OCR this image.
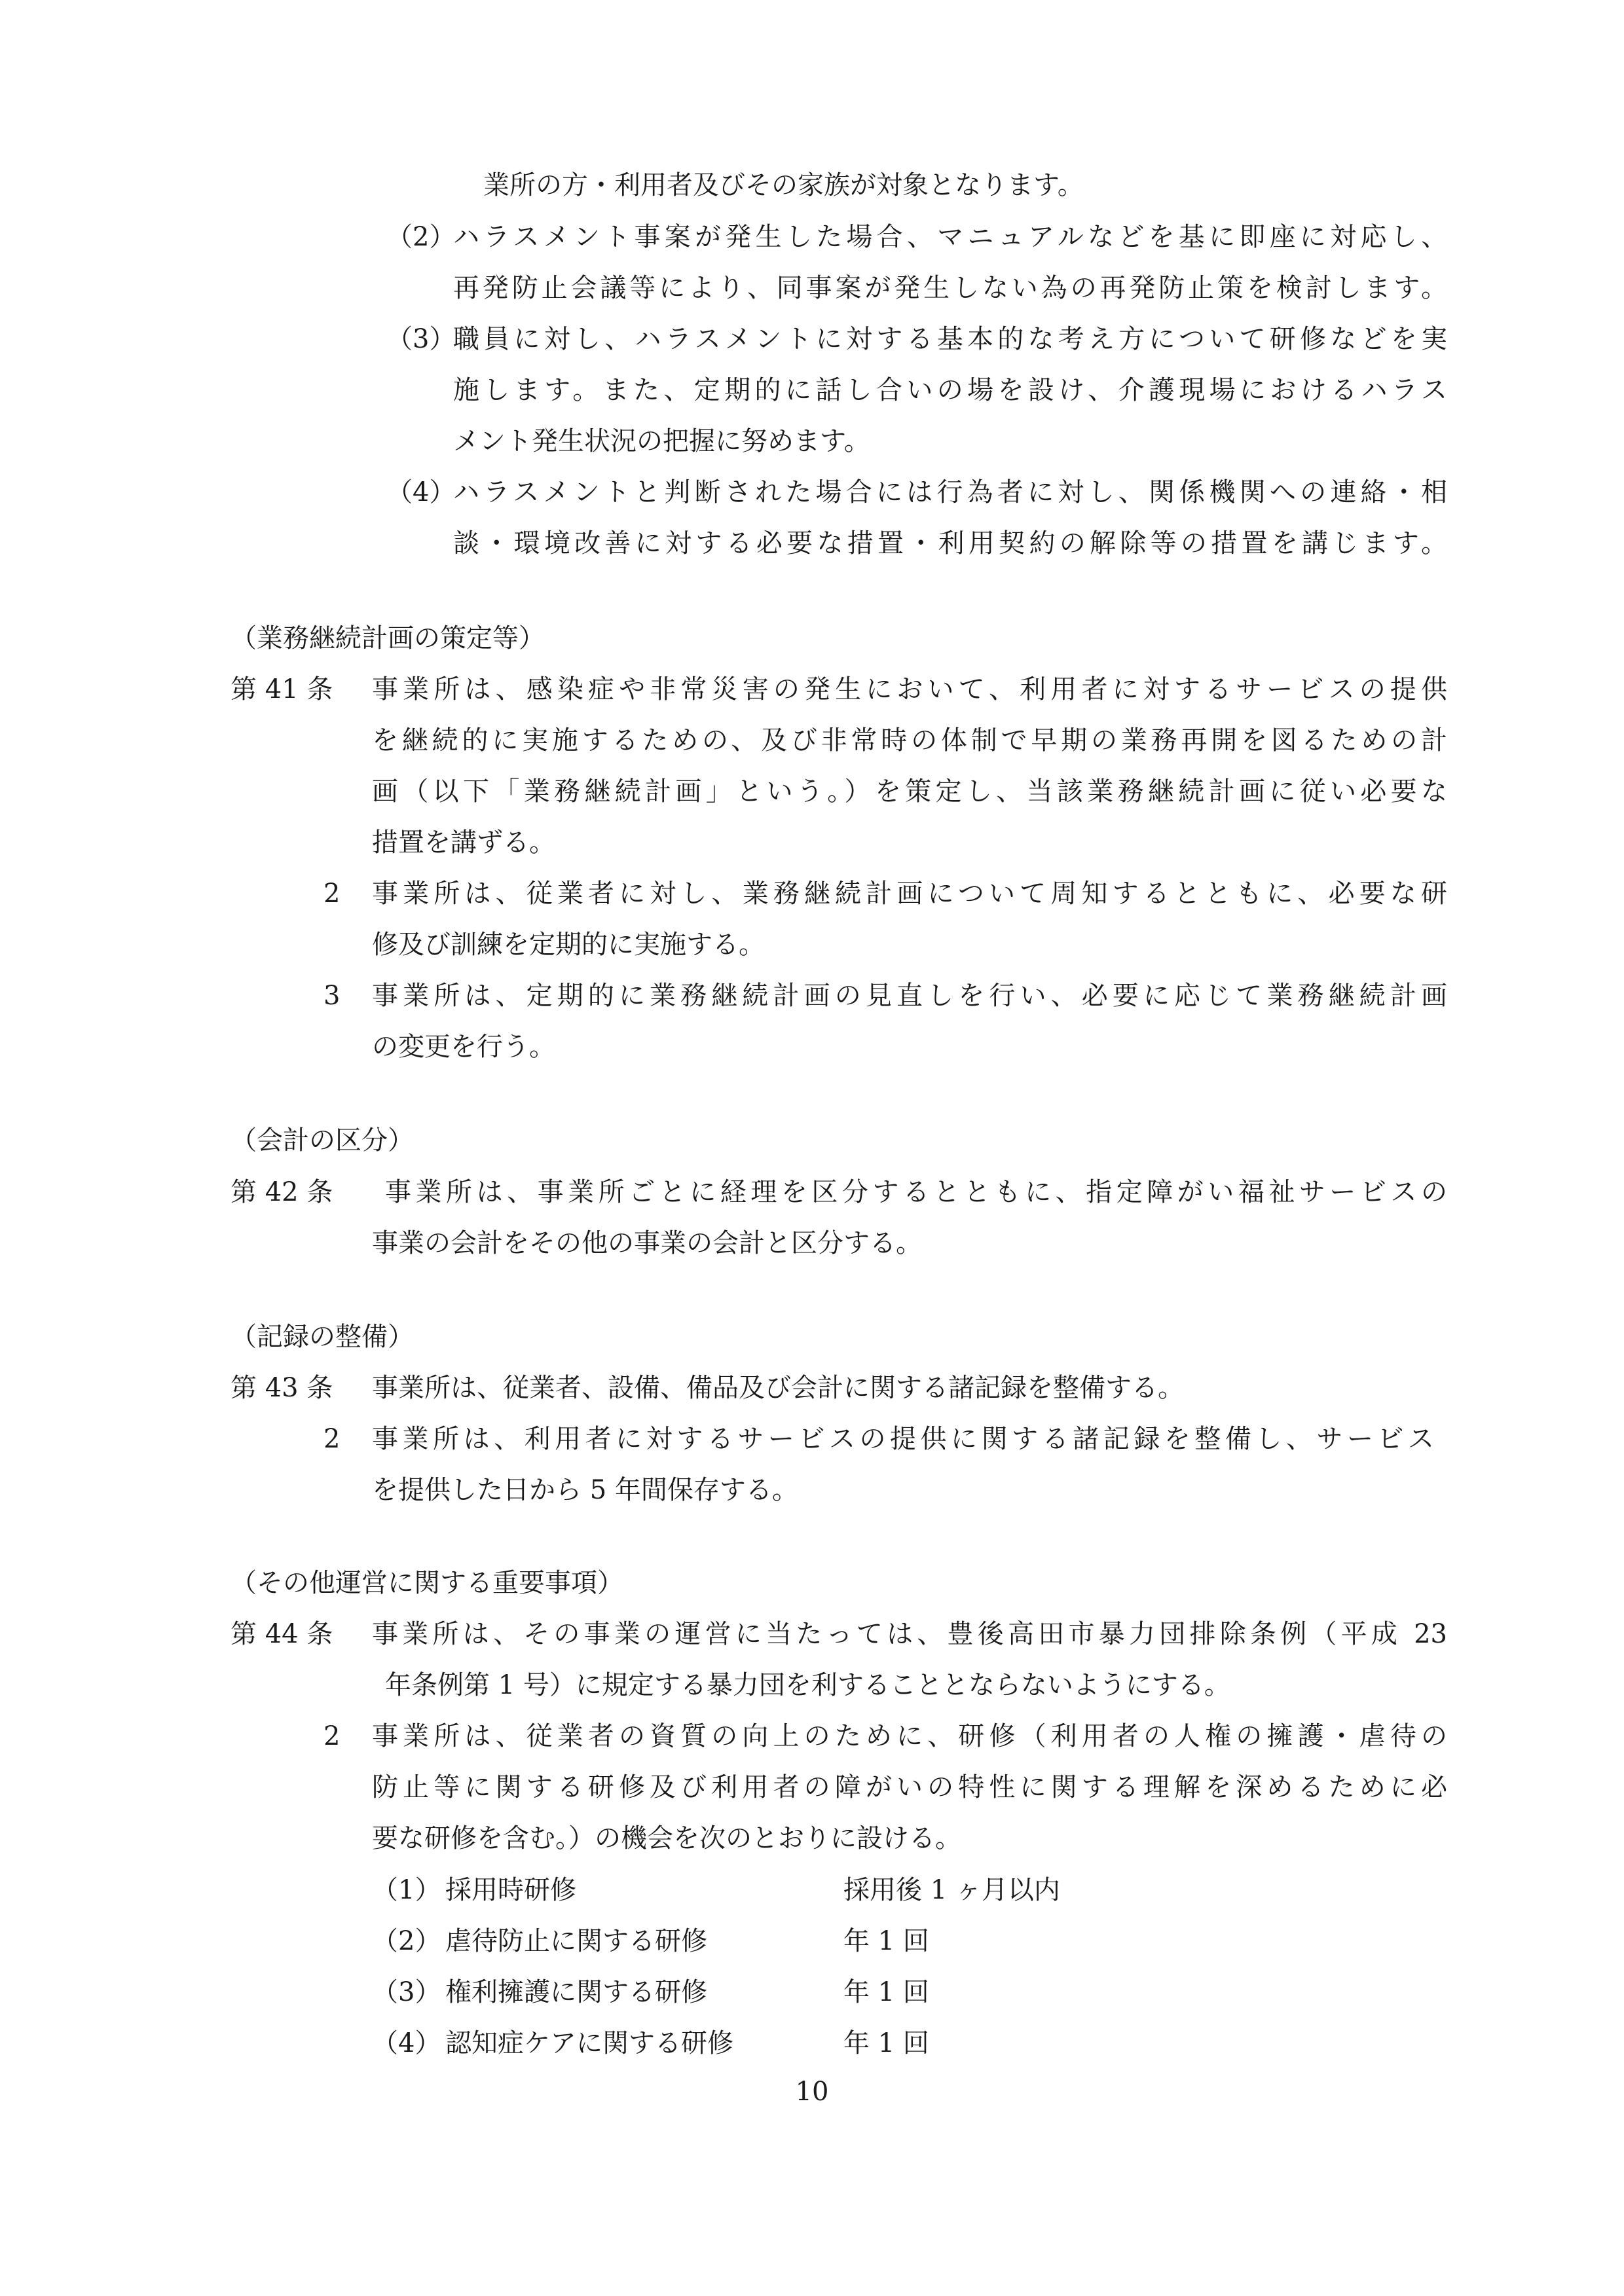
業所の方・利用者及びその家族が対象となります。
（2）
ハラスメント事案が発生した場合、マニュアルなどを基に即座に対応し、
再発防止会議等により、同事案が発生しない為の再発防止策を検討します。
（3）
職員に対し、ハラスメントに対する基本的な考え方について研修などを実
施します。また、定期的に話し合いの場を設け、介護現場におけるハラス
メント発生状況の把握に努めます。
（4）
ハラスメントと判断された場合には行為者に対し、関係機関への連絡・相
談・環境改善に対する必要な措置・利用契約の解除等の措置を講じます。
（業務継続計画の策定等）
第 41 条 事業所は、感染症や非常災害の発生において、利用者に対するサービスの提供
を継続的に実施するための、及び非常時の体制で早期の業務再開を図るための計
画（以下「業務継続計画」という。）を策定し、当該業務継続計画に従い必要な
措置を講ずる。
2 事業所は、従業者に対し、業務継続計画について周知するとともに、必要な研
修及び訓練を定期的に実施する。
3 事業所は、定期的に業務継続計画の見直しを行い、必要に応じて業務継続計画
の変更を行う。
（会計の区分）
第 42 条 事業所は、事業所ごとに経理を区分するとともに、指定障がい福祉サービスの
事業の会計をその他の事業の会計と区分する。
（記録の整備）
第 43 条 事業所は、従業者、設備、備品及び会計に関する諸記録を整備する。
2 事業所は、利用者に対するサービスの提供に関する諸記録を整備し、サービス
を提供した日から 5 年間保存する。
（その他運営に関する重要事項）
第 44 条 事業所は、その事業の運営に当たっては、豊後高田市暴力団排除条例（平成 23
年条例第 1 号）に規定する暴力団を利することとならないようにする。
2 事業所は、従業者の資質の向上のために、研修（利用者の人権の擁護・虐待の
防止等に関する研修及び利用者の障がいの特性に関する理解を深めるために必
要な研修を含む。）の機会を次のとおりに設ける。
（1） 採用時研修	採用後 1 ヶ月以内
（2） 虐待防止に関する研修	年 1 回
（3） 権利擁護に関する研修	年 1 回
（4） 認知症ケアに関する研修	年 1 回
10
